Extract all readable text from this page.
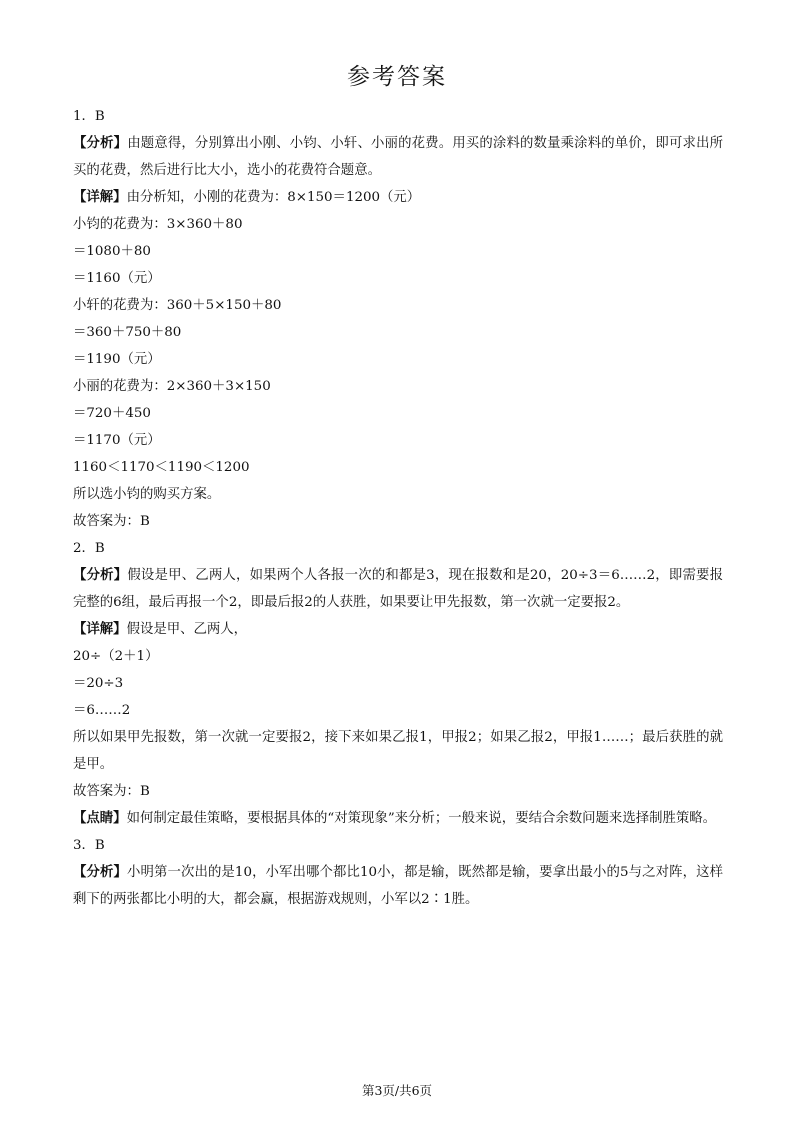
参考答案
1．B
【分析】由题意得，分别算出小刚、小钧、小轩、小丽的花费。用买的涂料的数量乘涂料的单价，即可求出所买的花费，然后进行比大小，选小的花费符合题意。
【详解】由分析知，小刚的花费为：8×150＝1200（元）
小钧的花费为：3×360＋80
＝1080＋80
＝1160（元）
小轩的花费为：360＋5×150＋80
＝360＋750＋80
＝1190（元）
小丽的花费为：2×360＋3×150
＝720＋450
＝1170（元）
1160＜1170＜1190＜1200
所以选小钧的购买方案。
故答案为：B
2．B
【分析】假设是甲、乙两人，如果两个人各报一次的和都是3，现在报数和是20，20÷3＝6……2，即需要报完整的6组，最后再报一个2，即最后报2的人获胜，如果要让甲先报数，第一次就一定要报2。
【详解】假设是甲、乙两人，
20÷（2＋1）
＝20÷3
＝6……2
所以如果甲先报数，第一次就一定要报2，接下来如果乙报1，甲报2；如果乙报2，甲报1……；最后获胜的就是甲。
故答案为：B
【点睛】如何制定最佳策略，要根据具体的“对策现象”来分析；一般来说，要结合余数问题来选择制胜策略。
3．B
【分析】小明第一次出的是10，小军出哪个都比10小，都是输，既然都是输，要拿出最小的5与之对阵，这样剩下的两张都比小明的大，都会赢，根据游戏规则，小军以2∶1胜。
第3页/共6页
